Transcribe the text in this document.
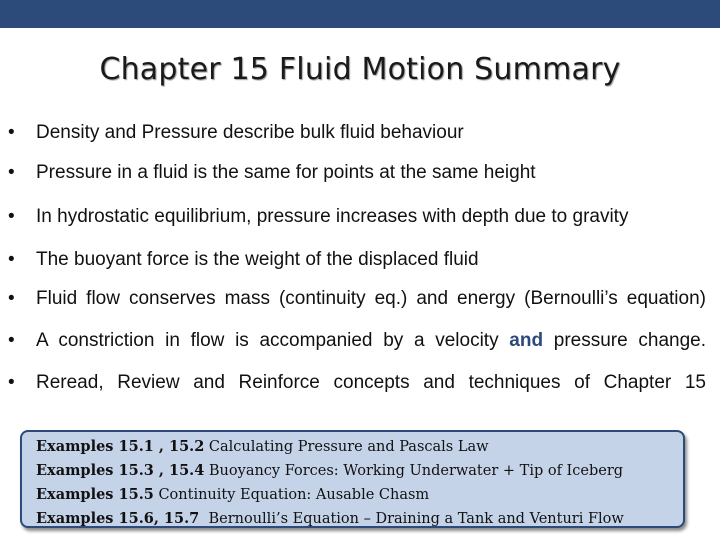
Chapter 15 Fluid Motion Summary
• Density and Pressure describe bulk fluid behaviour
• Pressure in a fluid is the same for points at the same height
• In hydrostatic equilibrium, pressure increases with depth due to gravity
• The buoyant force is the weight of the displaced fluid
• Fluid flow conserves mass (continuity eq.) and energy (Bernoulli’s equation)
• A constriction in flow is accompanied by a velocity and pressure change.
• Reread, Review and Reinforce concepts and techniques of Chapter 15
Examples 15.1 , 15.2 Calculating Pressure and Pascals Law
Examples 15.3 , 15.4 Buoyancy Forces: Working Underwater + Tip of Iceberg
Examples 15.5 Continuity Equation: Ausable Chasm
Examples 15.6, 15.7  Bernoulli’s Equation – Draining a Tank and Venturi Flow
